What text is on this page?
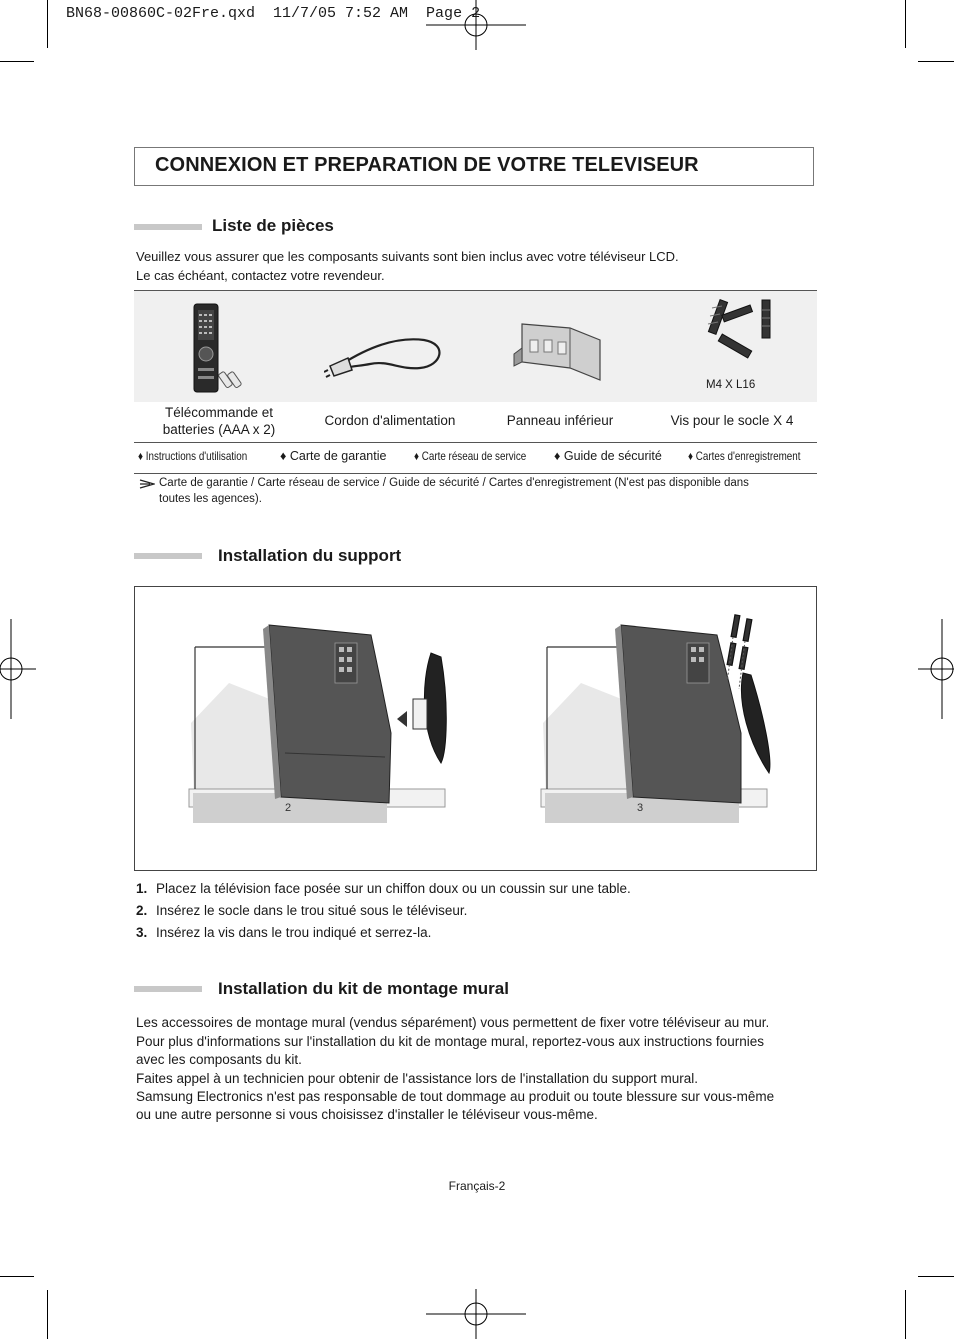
BN68-00860C-02Fre.qxd  11/7/05 7:52 AM  Page 2
CONNEXION ET PREPARATION DE VOTRE TELEVISEUR
Liste de pièces
Veuillez vous assurer que les composants suivants sont bien inclus avec votre téléviseur LCD.
Le cas échéant, contactez votre revendeur.
M4 X L16
Télécommande et
batteries (AAA x 2)
Cordon d'alimentation	Panneau inférieur	Vis pour le socle X 4
♦ Instructions d'utilisation	♦ Carte de garantie ♦ Carte réseau de service ♦ Guide de sécurité ♦ Cartes d'enregistrement
Carte de garantie / Carte réseau de service / Guide de sécurité / Cartes d'enregistrement (N'est pas disponible dans
toutes les agences).
Installation du support
2	3
1. Placez la télévision face posée sur un chiffon doux ou un coussin sur une table.
2. Insérez le socle dans le trou situé sous le téléviseur.
3. Insérez la vis dans le trou indiqué et serrez-la.
Installation du kit de montage mural
Les accessoires de montage mural (vendus séparément) vous permettent de fixer votre téléviseur au mur.
Pour plus d'informations sur l'installation du kit de montage mural, reportez-vous aux instructions fournies
avec les composants du kit.
Faites appel à un technicien pour obtenir de l'assistance lors de l'installation du support mural.
Samsung Electronics n'est pas responsable de tout dommage au produit ou toute blessure sur vous-même
ou une autre personne si vous choisissez d'installer le téléviseur vous-même.
Français-2
